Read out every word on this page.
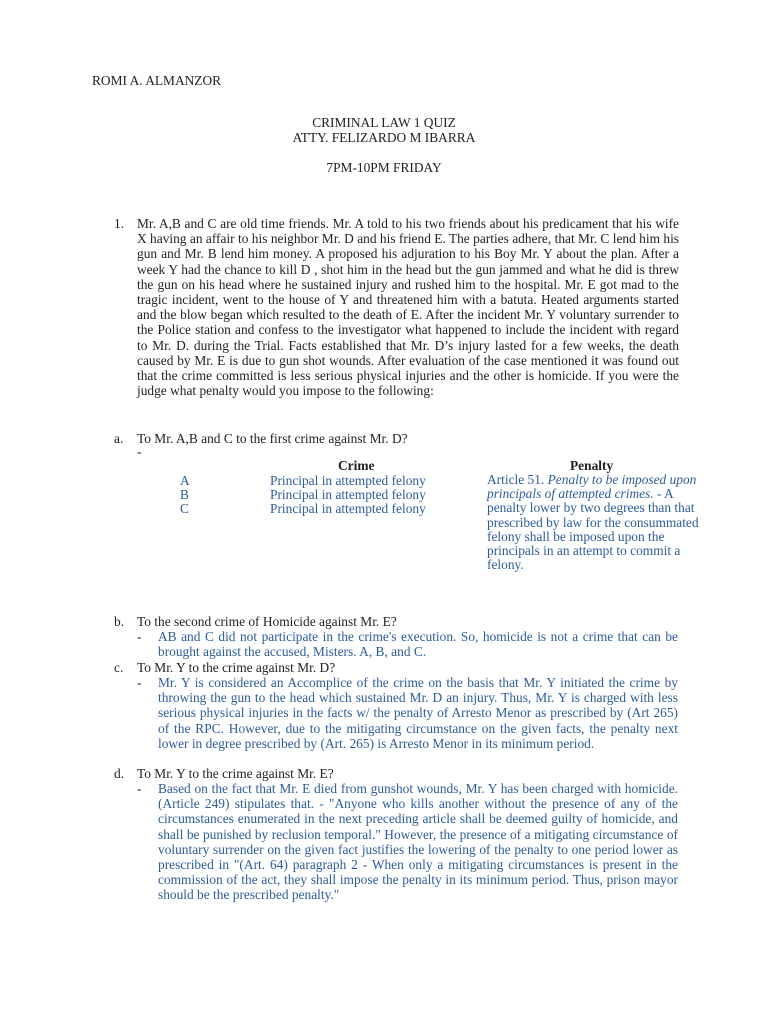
ROMI A. ALMANZOR
CRIMINAL LAW 1 QUIZ
ATTY. FELIZARDO M IBARRA
7PM-10PM FRIDAY
1. Mr. A,B and C are old time friends. Mr. A told to his two friends about his predicament that his wife X having an affair to his neighbor Mr. D and his friend E. The parties adhere, that Mr. C lend him his gun and Mr. B lend him money. A proposed his adjuration to his Boy Mr. Y about the plan. After a week Y had the chance to kill D , shot him in the head but the gun jammed and what he did is threw the gun on his head where he sustained injury and rushed him to the hospital. Mr. E got mad to the tragic incident, went to the house of Y and threatened him with a batuta. Heated arguments started and the blow began which resulted to the death of E. After the incident Mr. Y voluntary surrender to the Police station and confess to the investigator what happened to include the incident with regard to Mr. D. during the Trial. Facts established that Mr. D’s injury lasted for a few weeks, the death caused by Mr. E is due to gun shot wounds. After evaluation of the case mentioned it was found out that the crime committed is less serious physical injuries and the other is homicide. If you were the judge what penalty would you impose to the following:
a. To Mr. A,B and C to the first crime against Mr. D?
-
Crime	Penalty
A	Principal in attempted felony
B	Principal in attempted felony
C	Principal in attempted felony
Article 51. Penalty to be imposed upon principals of attempted crimes. - A penalty lower by two degrees than that prescribed by law for the consummated felony shall be imposed upon the principals in an attempt to commit a felony.
b. To the second crime of Homicide against Mr. E?
- AB and C did not participate in the crime's execution. So, homicide is not a crime that can be brought against the accused, Misters. A, B, and C.
c. To Mr. Y to the crime against Mr. D?
- Mr. Y is considered an Accomplice of the crime on the basis that Mr. Y initiated the crime by throwing the gun to the head which sustained Mr. D an injury. Thus, Mr. Y is charged with less serious physical injuries in the facts w/ the penalty of Arresto Menor as prescribed by (Art 265) of the RPC. However, due to the mitigating circumstance on the given facts, the penalty next lower in degree prescribed by (Art. 265) is Arresto Menor in its minimum period.
d. To Mr. Y to the crime against Mr. E?
- Based on the fact that Mr. E died from gunshot wounds, Mr. Y has been charged with homicide. (Article 249) stipulates that. - "Anyone who kills another without the presence of any of the circumstances enumerated in the next preceding article shall be deemed guilty of homicide, and shall be punished by reclusion temporal." However, the presence of a mitigating circumstance of voluntary surrender on the given fact justifies the lowering of the penalty to one period lower as prescribed in "(Art. 64) paragraph 2 - When only a mitigating circumstances is present in the commission of the act, they shall impose the penalty in its minimum period. Thus, prison mayor should be the prescribed penalty."
